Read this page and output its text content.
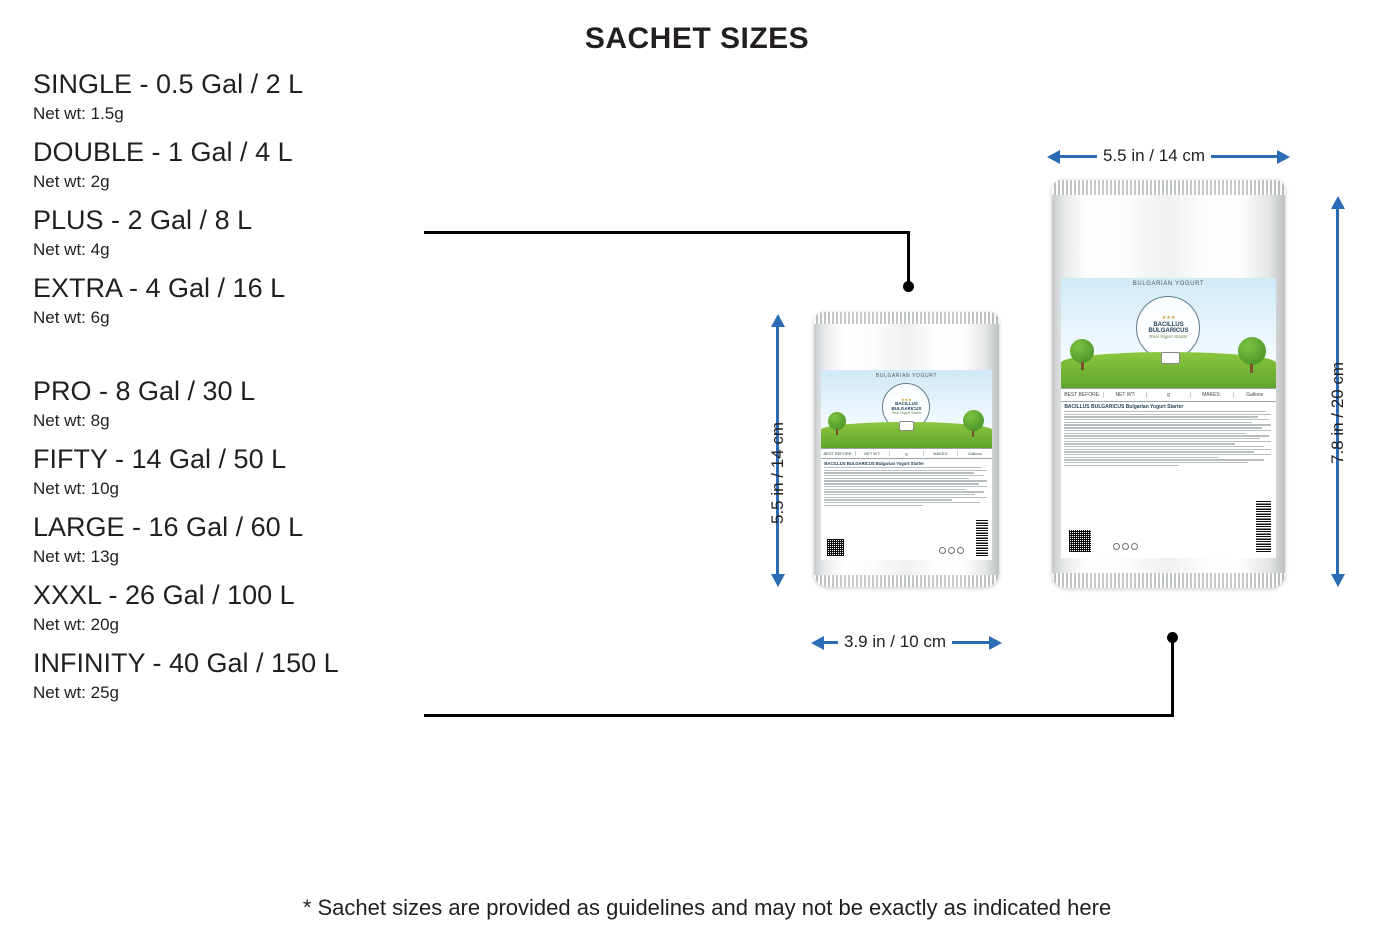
SACHET SIZES
SINGLE - 0.5 Gal / 2 L
Net wt: 1.5g
DOUBLE - 1 Gal / 4 L
Net wt: 2g
PLUS - 2 Gal / 8 L
Net wt: 4g
EXTRA - 4 Gal / 16 L
Net wt: 6g
PRO - 8 Gal / 30 L
Net wt: 8g
FIFTY - 14 Gal / 50 L
Net wt: 10g
LARGE - 16 Gal / 60 L
Net wt: 13g
XXXL - 26 Gal / 100 L
Net wt: 20g
INFINITY - 40 Gal / 150 L
Net wt: 25g
BULGARIAN YOGURT
★★★
BACILLUS BULGARICUS
Real Yogurt Starter
BEST BEFORE:	NET WT:	g	MAKES:	Gallons
BACILLUS BULGARICUS Bulgarian Yogurt Starter
BULGARIAN YOGURT
★★★
BACILLUS BULGARICUS
Real Yogurt Starter
BEST BEFORE:	NET WT:	g	MAKES:	Gallons
BACILLUS BULGARICUS Bulgarian Yogurt Starter
5.5 in / 14 cm
3.9 in / 10 cm
5.5 in / 14 cm
7.8 in / 20 cm
* Sachet sizes are provided as guidelines and may not be exactly as indicated here
